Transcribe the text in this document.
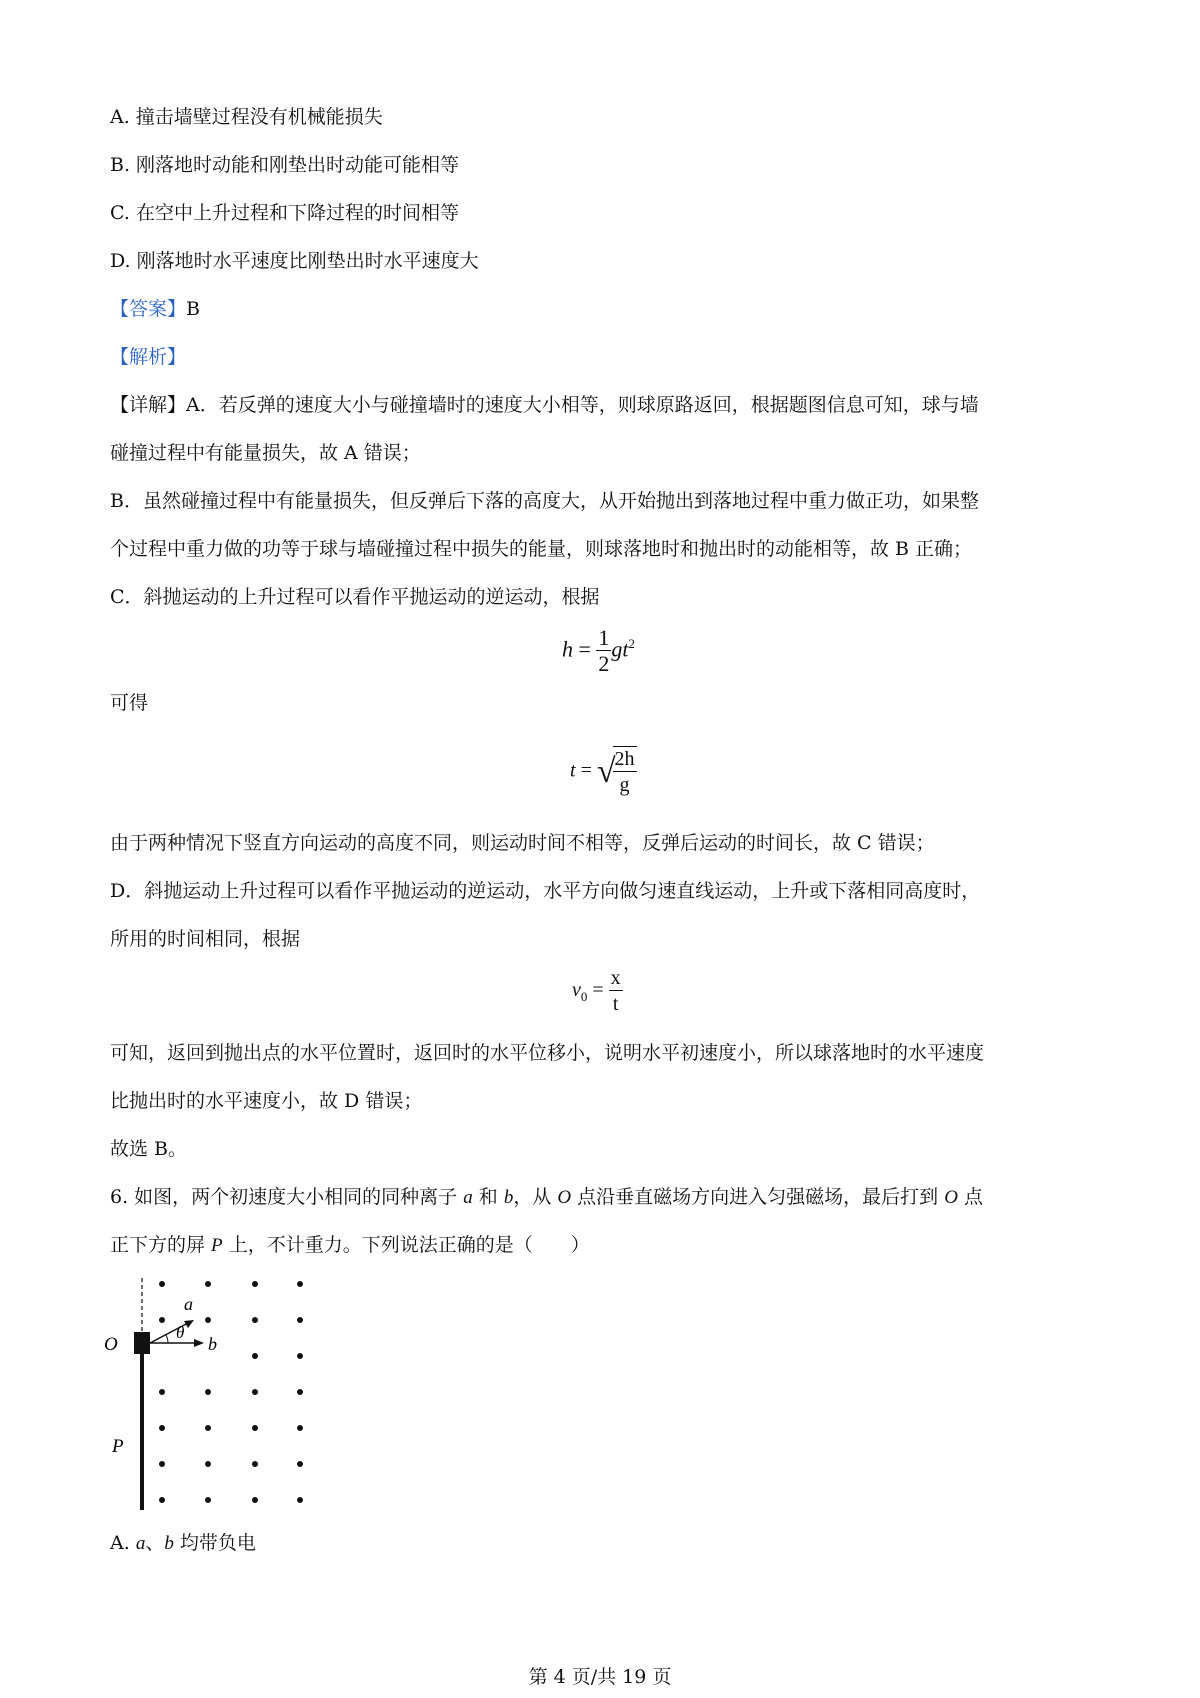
A. 撞击墙壁过程没有机械能损失
B. 刚落地时动能和刚垫出时动能可能相等
C. 在空中上升过程和下降过程的时间相等
D. 刚落地时水平速度比刚垫出时水平速度大
【答案】B
【解析】
【详解】A．若反弹的速度大小与碰撞墙时的速度大小相等，则球原路返回，根据题图信息可知，球与墙
碰撞过程中有能量损失，故 A 错误；
B．虽然碰撞过程中有能量损失，但反弹后下落的高度大，从开始抛出到落地过程中重力做正功，如果整
个过程中重力做的功等于球与墙碰撞过程中损失的能量，则球落地时和抛出时的动能相等，故 B 正确；
C．斜抛运动的上升过程可以看作平抛运动的逆运动，根据
$h = \frac{1}{2} gt^2$
可得
t = √
$\frac{2h}{g}$
由于两种情况下竖直方向运动的高度不同，则运动时间不相等，反弹后运动的时间长，故 C 错误；
D．斜抛运动上升过程可以看作平抛运动的逆运动，水平方向做匀速直线运动，上升或下落相同高度时，
所用的时间相同，根据
$v_0 = \frac{x}{t}$
可知，返回到抛出点的水平位置时，返回时的水平位移小，说明水平初速度小，所以球落地时的水平速度
比抛出时的水平速度小，故 D 错误；
故选 B。
6. 如图，两个初速度大小相同的同种离子 a 和 b，从 O 点沿垂直磁场方向进入匀强磁场，最后打到 O 点
正下方的屏 P 上，不计重力。下列说法正确的是（　　）
a
θ
b
O
P
A. a、b 均带负电
第 4 页/共 19 页
